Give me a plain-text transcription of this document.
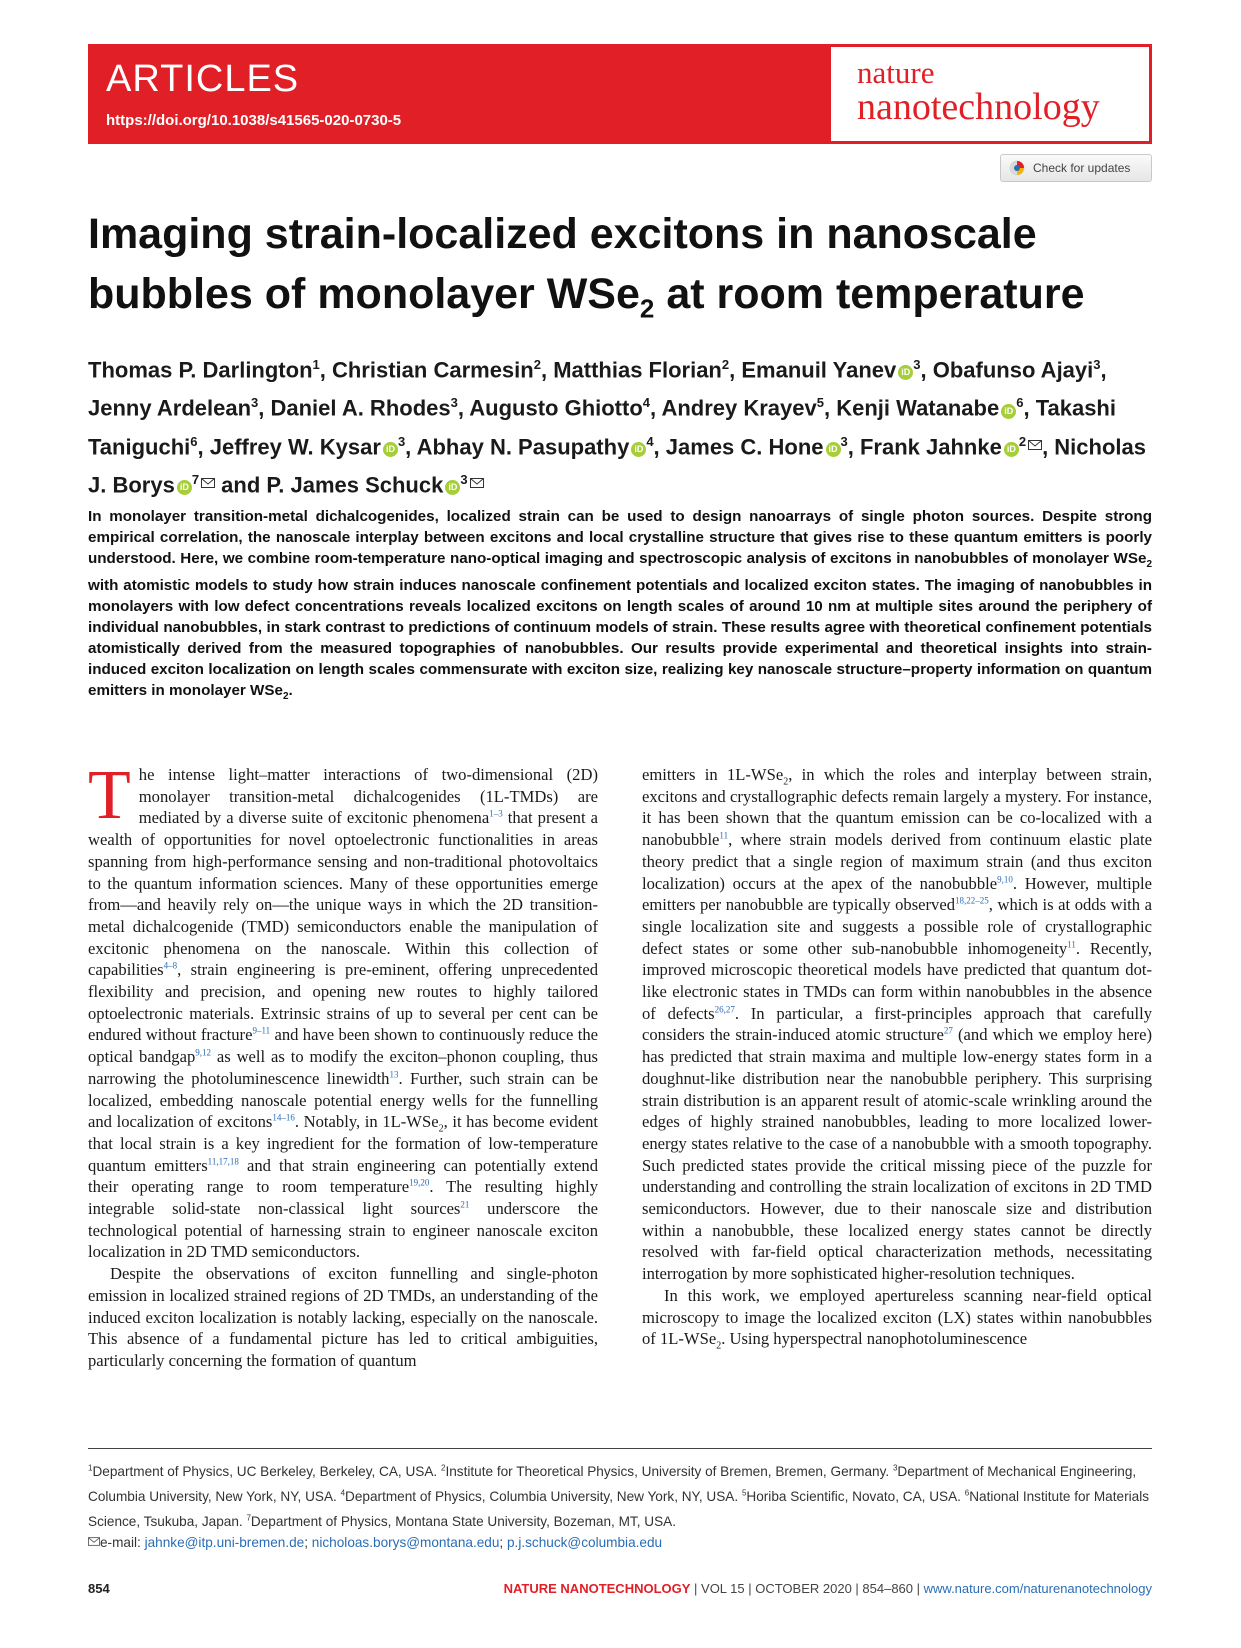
ARTICLES
https://doi.org/10.1038/s41565-020-0730-5
nature
nanotechnology
Check for updates
Imaging strain-localized excitons in nanoscale bubbles of monolayer WSe$_2$ at room temperature
Thomas P. Darlington$^1$, Christian Carmesin$^2$, Matthias Florian$^2$, Emanuil Yanev $iD^3$, Obafunso Ajayi$^3$, Jenny Ardelean$^3$, Daniel A. Rhodes$^3$, Augusto Ghiotto$^4$, Andrey Krayev$^5$, Kenji Watanabe $iD^6$, Takashi Taniguchi$^6$, Jeffrey W. Kysar $iD^3$, Abhay N. Pasupathy $iD^4$, James C. Hone $iD^3$, Frank Jahnke $iD^2$ , Nicholas J. Borys $iD^7$ and P. James Schuck $iD^3$

In monolayer transition-metal dichalcogenides, localized strain can be used to design nanoarrays of single photon sources. Despite strong empirical correlation, the nanoscale interplay between excitons and local crystalline structure that gives rise to these quantum emitters is poorly understood. Here, we combine room-temperature nano-optical imaging and spectroscopic analysis of excitons in nanobubbles of monolayer WSe$_2$ with atomistic models to study how strain induces nanoscale confinement potentials and localized exciton states. The imaging of nanobubbles in monolayers with low defect concentrations reveals localized excitons on length scales of around 10 nm at multiple sites around the periphery of individual nanobubbles, in stark contrast to predictions of continuum models of strain. These results agree with theoretical confinement potentials atomistically derived from the measured topographies of nanobubbles. Our results provide experimental and theoretical insights into strain-induced exciton localization on length scales commensurate with exciton size, realizing key nanoscale structure–property information on quantum emitters in monolayer WSe$_2$.

The intense light–matter interactions of two-dimensional (2D) monolayer transition-metal dichalcogenides (1L-TMDs) are mediated by a diverse suite of excitonic phenomena$^{1-3}$ that present a wealth of opportunities for novel optoelectronic functionalities in areas spanning from high-performance sensing and non-traditional photovoltaics to the quantum information sciences. Many of these opportunities emerge from—and heavily rely on—the unique ways in which the 2D transition-metal dichalcogenide (TMD) semiconductors enable the manipulation of excitonic phenomena on the nanoscale. Within this collection of capabilities$^{4-8}$, strain engineering is pre-eminent, offering unprecedented flexibility and precision, and opening new routes to highly tailored optoelectronic materials. Extrinsic strains of up to several per cent can be endured without fracture$^{9-11}$ and have been shown to continuously reduce the optical bandgap$^{9,12}$ as well as to modify the exciton–phonon coupling, thus narrowing the photoluminescence linewidth$^{13}$. Further, such strain can be localized, embedding nanoscale potential energy wells for the funnelling and localization of excitons$^{14-16}$. Notably, in 1L-WSe$_2$, it has become evident that local strain is a key ingredient for the formation of low-temperature quantum emitters$^{11,17,18}$ and that strain engineering can potentially extend their operating range to room temperature$^{19,20}$. The resulting highly integrable solid-state non-classical light sources$^{21}$ underscore the technological potential of harnessing strain to engineer nanoscale exciton localization in 2D TMD semiconductors.

Despite the observations of exciton funnelling and single-photon emission in localized strained regions of 2D TMDs, an understanding of the induced exciton localization is notably lacking, especially on the nanoscale. This absence of a fundamental picture has led to critical ambiguities, particularly concerning the formation of quantum

emitters in 1L-WSe$_2$, in which the roles and interplay between strain, excitons and crystallographic defects remain largely a mystery. For instance, it has been shown that the quantum emission can be co-localized with a nanobubble$^{11}$, where strain models derived from continuum elastic plate theory predict that a single region of maximum strain (and thus exciton localization) occurs at the apex of the nanobubble$^{9,10}$. However, multiple emitters per nanobubble are typically observed$^{18,22-25}$, which is at odds with a single localization site and suggests a possible role of crystallographic defect states or some other sub-nanobubble inhomogeneity$^{11}$. Recently, improved microscopic theoretical models have predicted that quantum dot-like electronic states in TMDs can form within nanobubbles in the absence of defects$^{26,27}$. In particular, a first-principles approach that carefully considers the strain-induced atomic structure$^{27}$ (and which we employ here) has predicted that strain maxima and multiple low-energy states form in a doughnut-like distribution near the nanobubble periphery. This surprising strain distribution is an apparent result of atomic-scale wrinkling around the edges of highly strained nanobubbles, leading to more localized lower-energy states relative to the case of a nanobubble with a smooth topography. Such predicted states provide the critical missing piece of the puzzle for understanding and controlling the strain localization of excitons in 2D TMD semiconductors. However, due to their nanoscale size and distribution within a nanobubble, these localized energy states cannot be directly resolved with far-field optical characterization methods, necessitating interrogation by more sophisticated higher-resolution techniques.

In this work, we employed apertureless scanning near-field optical microscopy to image the localized exciton (LX) states within nanobubbles of 1L-WSe$_2$. Using hyperspectral nanophotoluminescence

$^1$Department of Physics, UC Berkeley, Berkeley, CA, USA. $^2$Institute for Theoretical Physics, University of Bremen, Bremen, Germany. $^3$Department of Mechanical Engineering, Columbia University, New York, NY, USA. $^4$Department of Physics, Columbia University, New York, NY, USA. $^5$Horiba Scientific, Novato, CA, USA. $^6$National Institute for Materials Science, Tsukuba, Japan. $^7$Department of Physics, Montana State University, Bozeman, MT, USA.
e-mail: jahnke@itp.uni-bremen.de; nicholoas.borys@montana.edu; p.j.schuck@columbia.edu

854	NATURE NANOTECHNOLOGY | VOL 15 | OCTOBER 2020 | 854–860 | www.nature.com/naturenanotechnology
